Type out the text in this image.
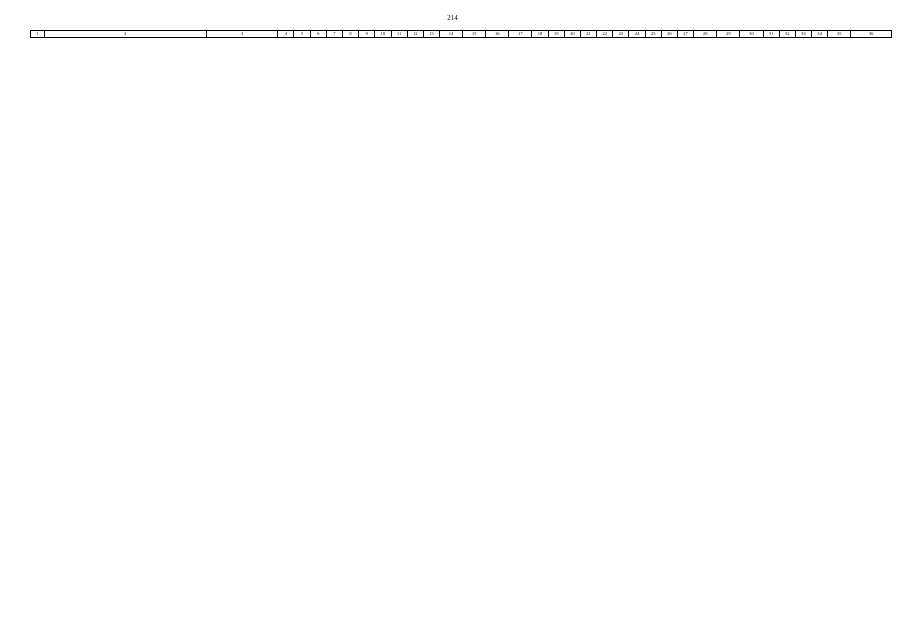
214
1	2	3	4	5	6	7	8	9	10	11	12	13	14	15	16	17	18	19	20	21	22	23	24	25	26	27	28	29	30	31	32	33	34	35	36
